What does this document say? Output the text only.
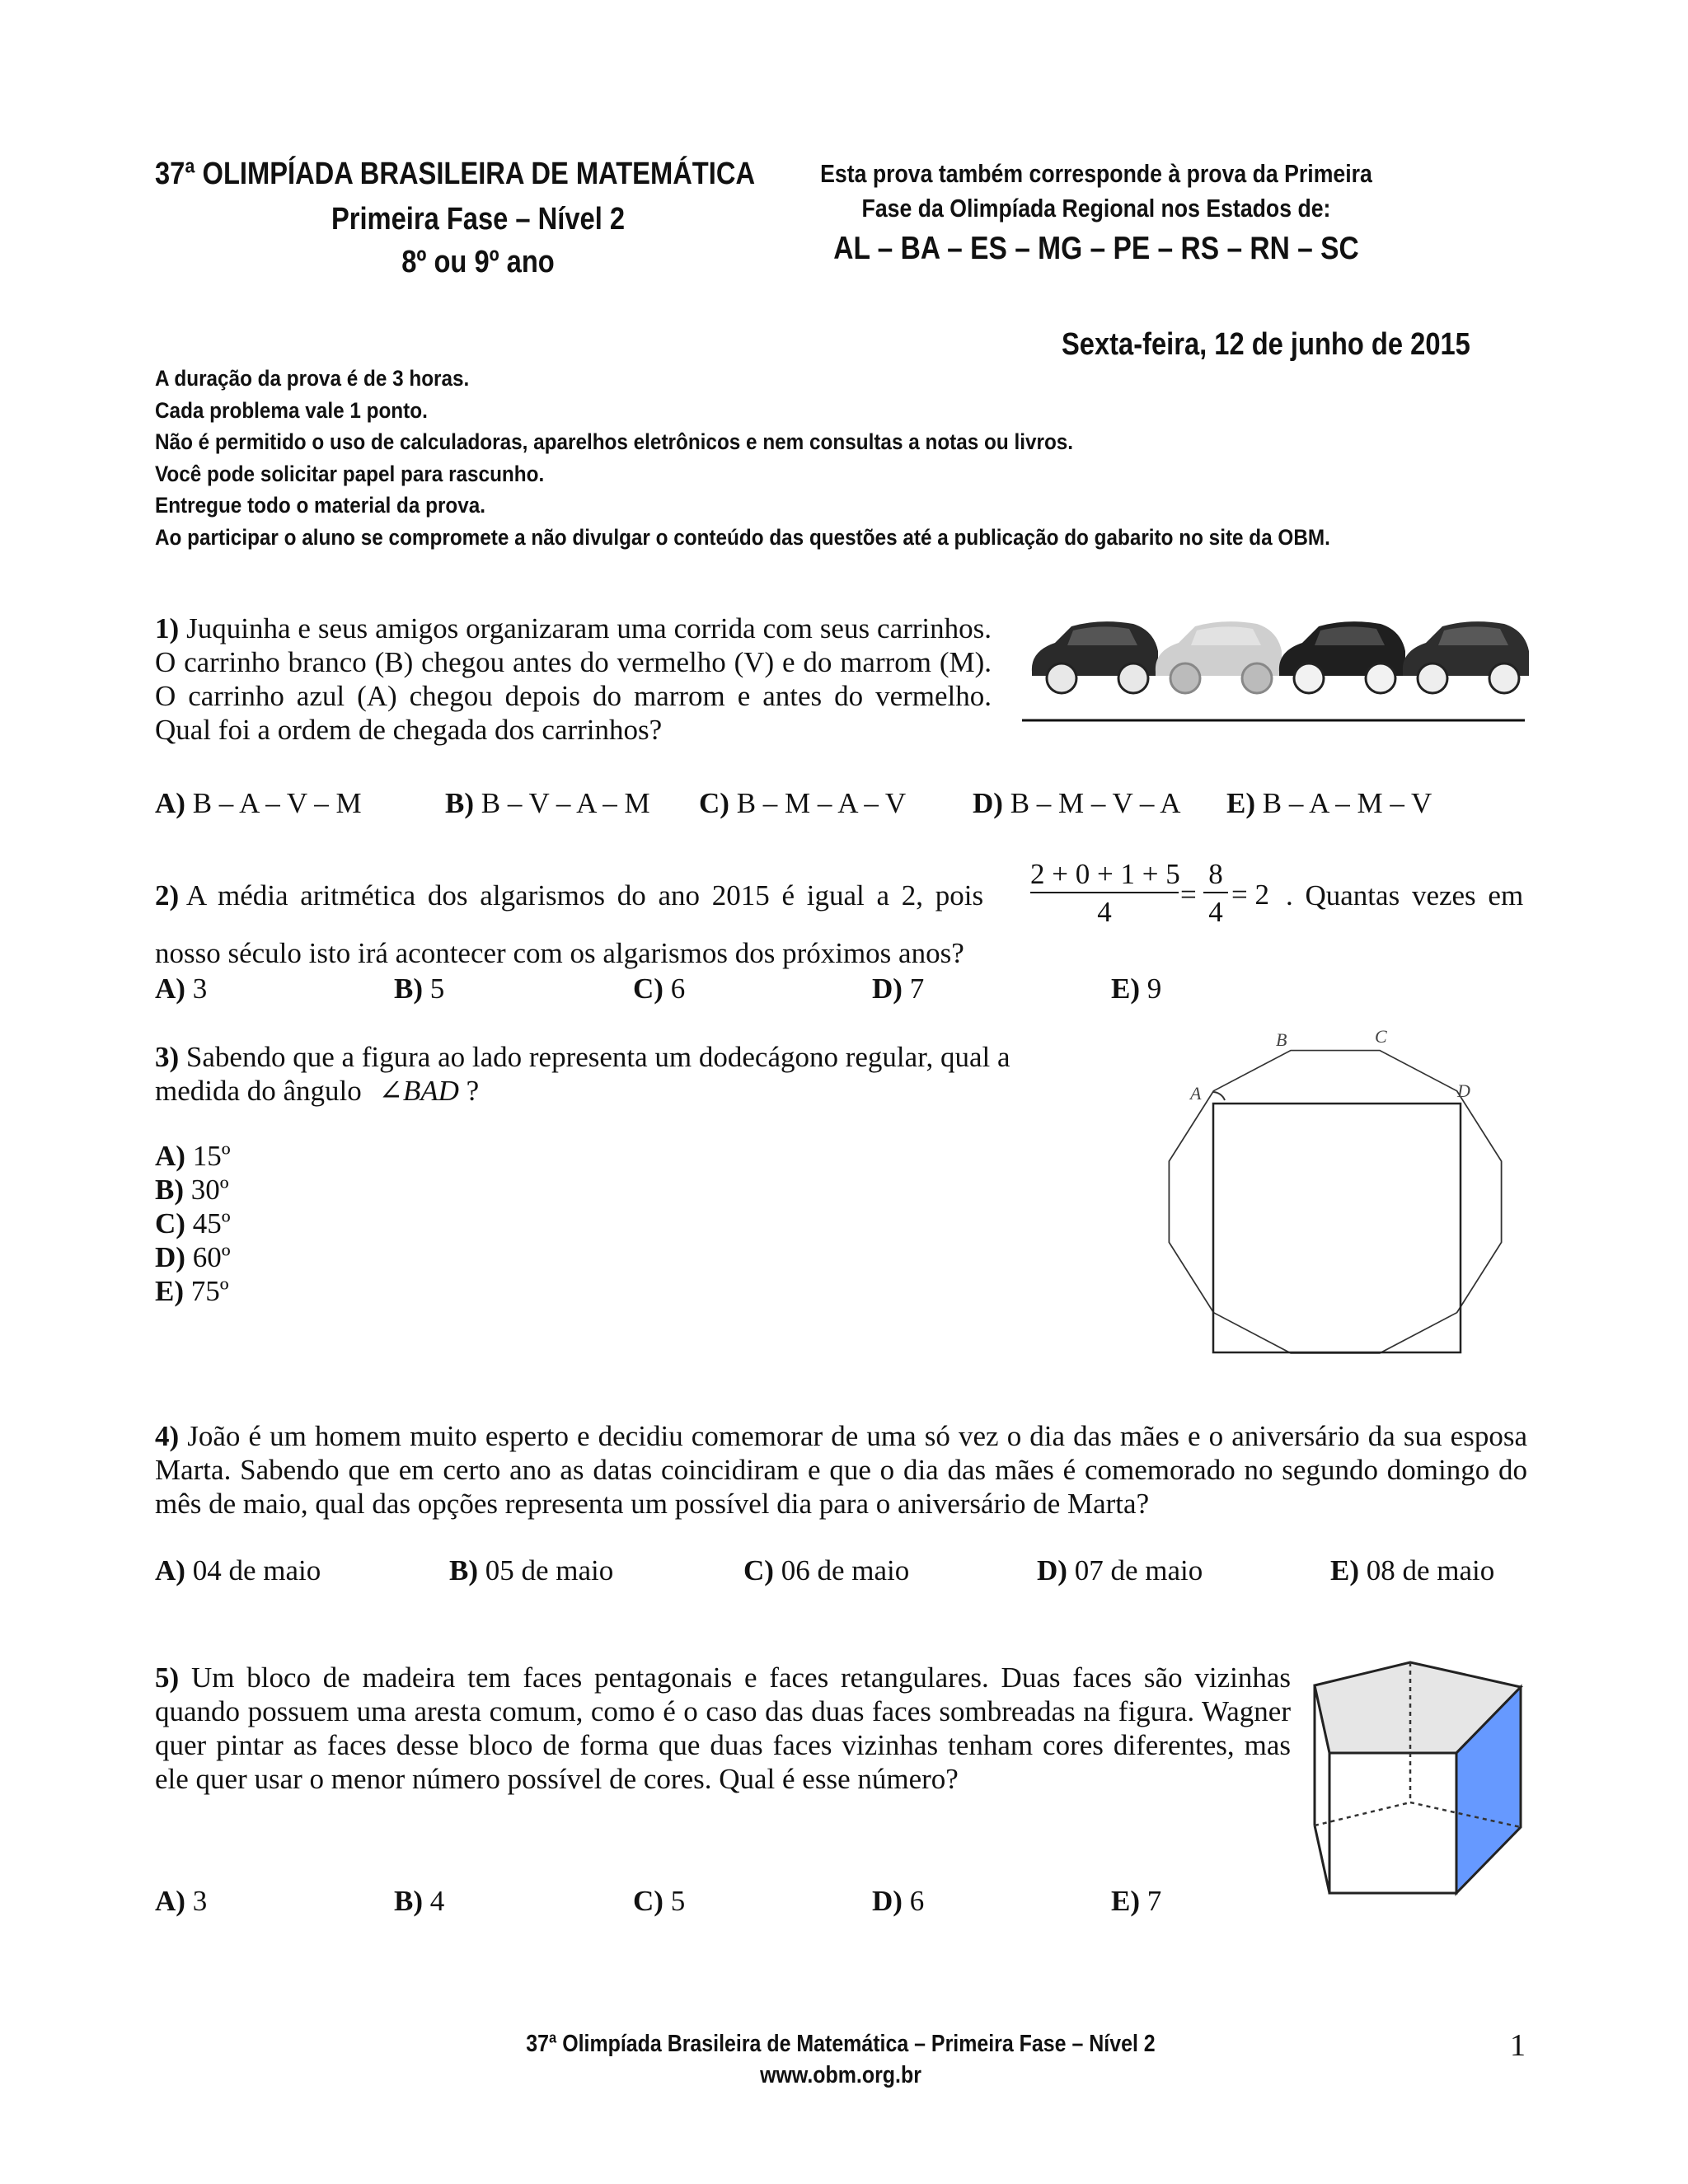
37ª OLIMPÍADA BRASILEIRA DE MATEMÁTICA
Primeira Fase – Nível 2
8º ou 9º ano
Esta prova também corresponde à prova da Primeira
Fase da Olimpíada Regional nos Estados de:
AL – BA – ES – MG – PE – RS – RN – SC
Sexta-feira, 12 de junho de 2015
A duração da prova é de 3 horas.
Cada problema vale 1 ponto.
Não é permitido o uso de calculadoras, aparelhos eletrônicos e nem consultas a notas ou livros.
Você pode solicitar papel para rascunho.
Entregue todo o material da prova.
Ao participar o aluno se compromete a não divulgar o conteúdo das questões até a publicação do gabarito no site da OBM.
1) Juquinha e seus amigos organizaram uma corrida com seus carrinhos. O carrinho branco (B) chegou antes do vermelho (V) e do marrom (M). O carrinho azul (A) chegou depois do marrom e antes do vermelho. Qual foi a ordem de chegada dos carrinhos?
A) B – A – V – M	B) B – V – A – M C) B – M – A – V D) B – M – V – A E) B – A – M – V
2) A média aritmética dos algarismos do ano 2015 é igual a 2, pois	$\frac{2 + 0 + 1 + 5}{4} = \frac{8}{4} = 2$ . Quantas vezes em
nosso século isto irá acontecer com os algarismos dos próximos anos?
A) 3	B) 5	C) 6	D) 7	E) 9
3) Sabendo que a figura ao lado representa um dodecágono regular, qual a
medida do ângulo ∠BAD ?
A) 15º
B) 30º
C) 45º
D) 60º
E) 75º
B	C
A	D
4) João é um homem muito esperto e decidiu comemorar de uma só vez o dia das mães e o aniversário da sua esposa Marta. Sabendo que em certo ano as datas coincidiram e que o dia das mães é comemorado no segundo domingo do mês de maio, qual das opções representa um possível dia para o aniversário de Marta?
A) 04 de maio	B) 05 de maio	C) 06 de maio	D) 07 de maio	E) 08 de maio
5) Um bloco de madeira tem faces pentagonais e faces retangulares. Duas faces são vizinhas quando possuem uma aresta comum, como é o caso das duas faces sombreadas na figura. Wagner quer pintar as faces desse bloco de forma que duas faces vizinhas tenham cores diferentes, mas ele quer usar o menor número possível de cores. Qual é esse número?
A) 3	B) 4	C) 5	D) 6	E) 7
37ª Olimpíada Brasileira de Matemática – Primeira Fase – Nível 2
www.obm.org.br
1
